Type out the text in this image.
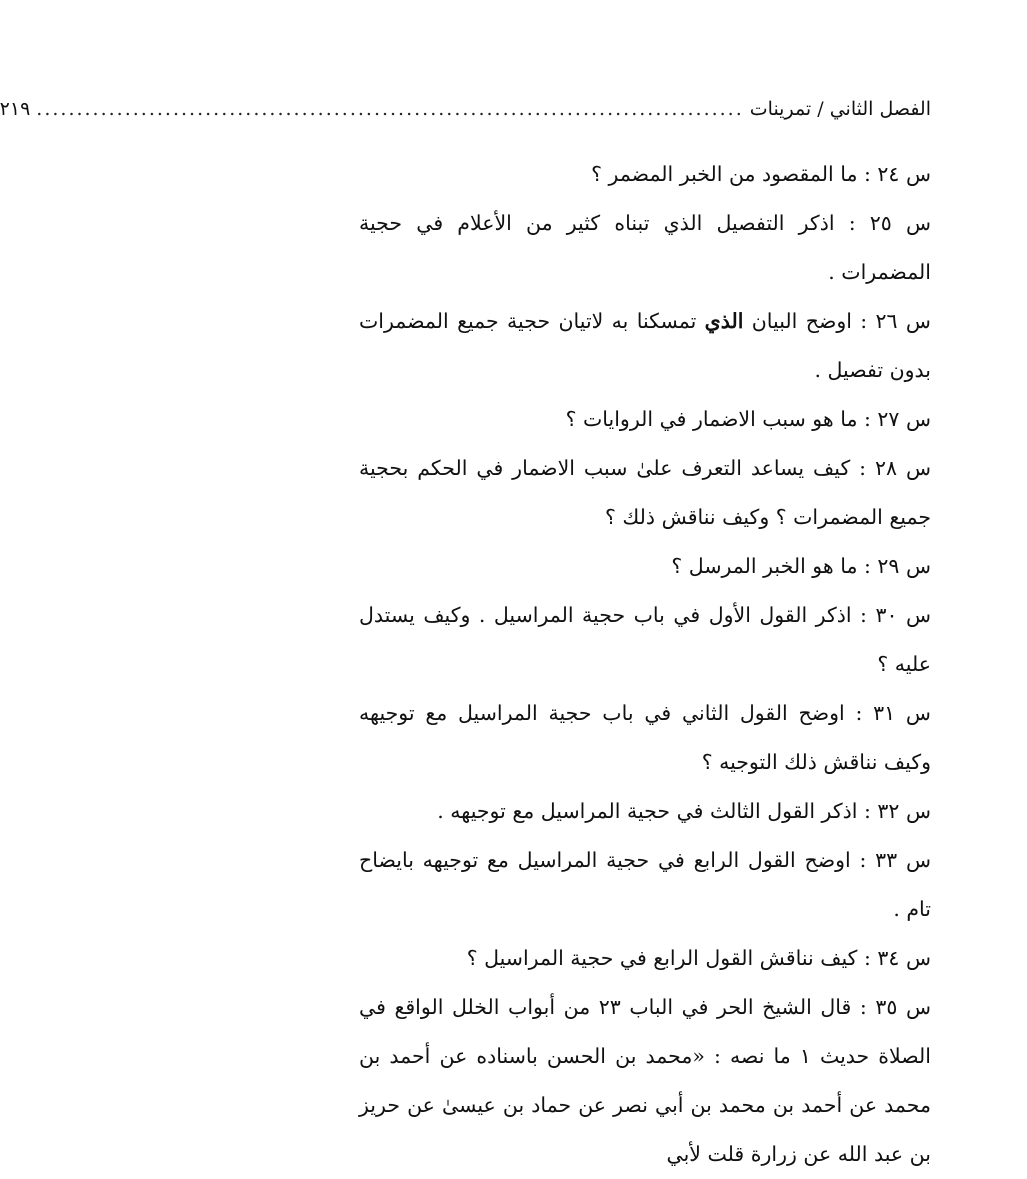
الفصل الثاني / تمرينات
........................................................................................
٢١٩

س ٢٤ : ما المقصود من الخبر المضمر ؟

س ٢٥ : اذكر التفصيل الذي تبناه كثير من الأعلام في حجية المضمرات .

س ٢٦ : اوضح البيان الذي تمسكنا به لاتيان حجية جميع المضمرات بدون تفصيل .

س ٢٧ : ما هو سبب الاضمار في الروايات ؟

س ٢٨ : كيف يساعد التعرف علىٰ سبب الاضمار في الحكم بحجية جميع المضمرات ؟ وكيف نناقش ذلك ؟

س ٢٩ : ما هو الخبر المرسل ؟

س ٣٠ : اذكر القول الأول في باب حجية المراسيل . وكيف يستدل عليه ؟

س ٣١ : اوضح القول الثاني في باب حجية المراسيل مع توجيهه وكيف نناقش ذلك التوجيه ؟

س ٣٢ : اذكر القول الثالث في حجية المراسيل مع توجيهه .

س ٣٣ : اوضح القول الرابع في حجية المراسيل مع توجيهه بايضاح تام .

س ٣٤ : كيف نناقش القول الرابع في حجية المراسيل ؟

س ٣٥ : قال الشيخ الحر في الباب ٢٣ من أبواب الخلل الواقع في الصلاة حديث ١ ما نصه : «محمد بن الحسن باسناده عن أحمد بن محمد عن أحمد بن محمد بن أبي نصر عن حماد بن عيسىٰ عن حريز بن عبد الله عن زرارة قلت لأبي
